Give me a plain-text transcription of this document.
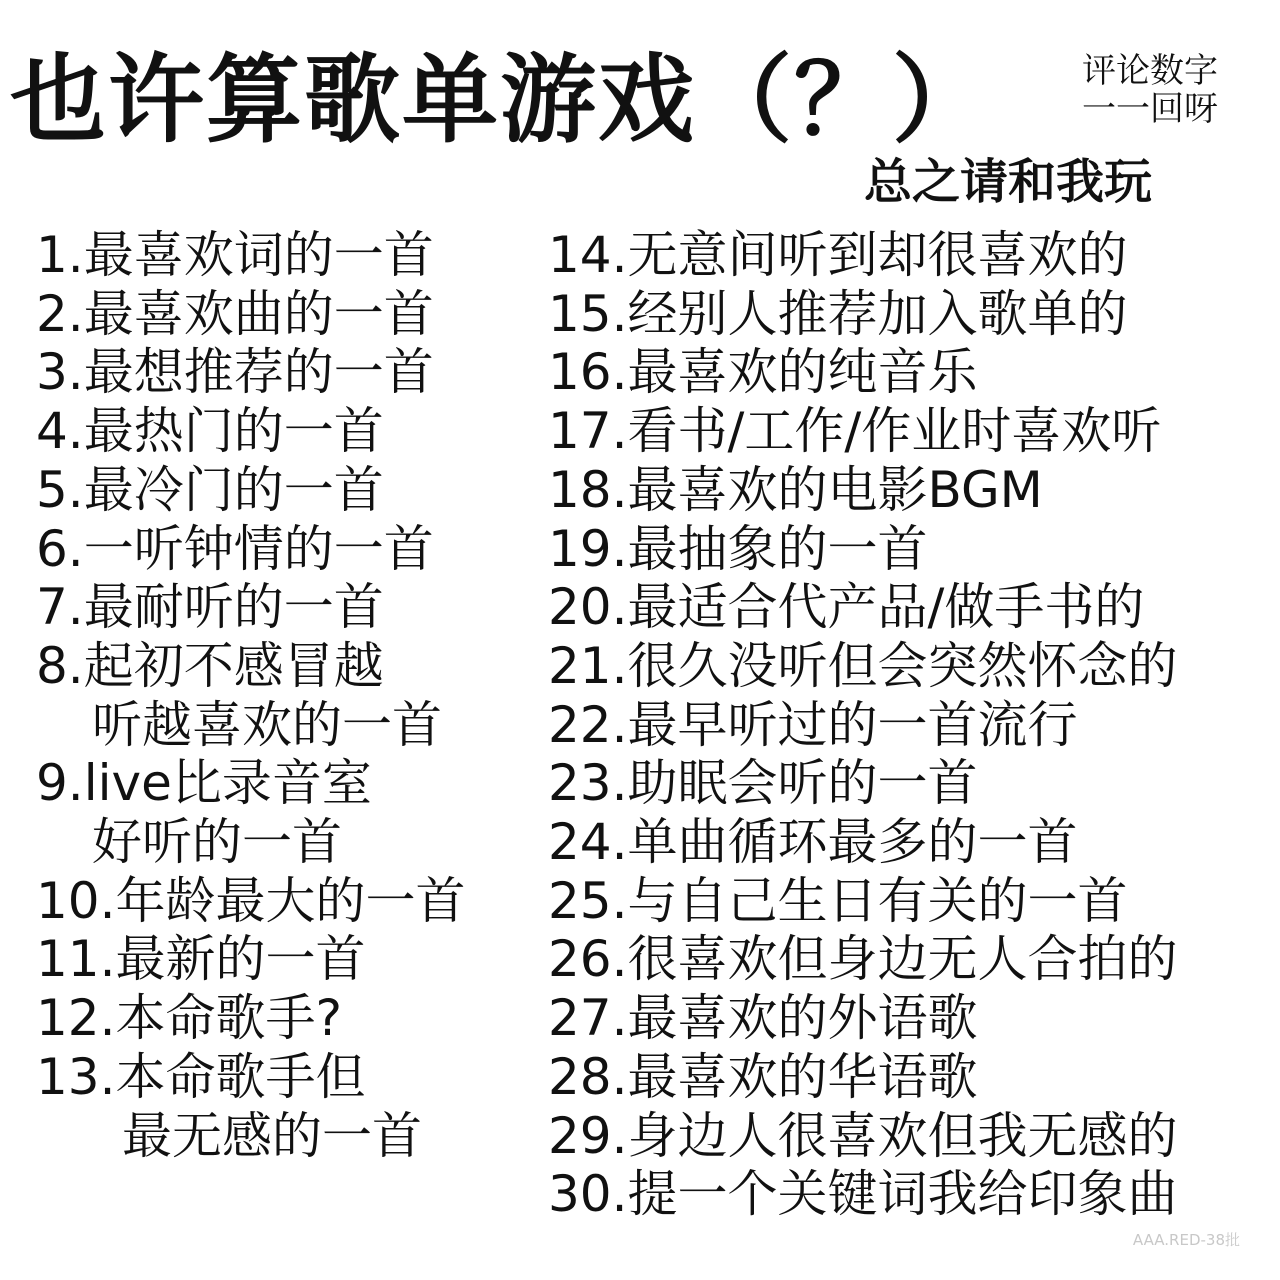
也许算歌单游戏（？）	评论数字
一一回呀
总之请和我玩
1.最喜欢词的一首
2.最喜欢曲的一首
3.最想推荐的一首
4.最热门的一首
5.最冷门的一首
6.一听钟情的一首
7.最耐听的一首
8.起初不感冒越
听越喜欢的一首
9.live比录音室
好听的一首
10.年龄最大的一首
11.最新的一首
12.本命歌手?
13.本命歌手但
最无感的一首
14.无意间听到却很喜欢的
15.经别人推荐加入歌单的
16.最喜欢的纯音乐
17.看书/工作/作业时喜欢听
18.最喜欢的电影BGM
19.最抽象的一首
20.最适合代产品/做手书的
21.很久没听但会突然怀念的
22.最早听过的一首流行
23.助眠会听的一首
24.单曲循环最多的一首
25.与自己生日有关的一首
26.很喜欢但身边无人合拍的
27.最喜欢的外语歌
28.最喜欢的华语歌
29.身边人很喜欢但我无感的
30.提一个关键词我给印象曲
AAA.RED-38批
